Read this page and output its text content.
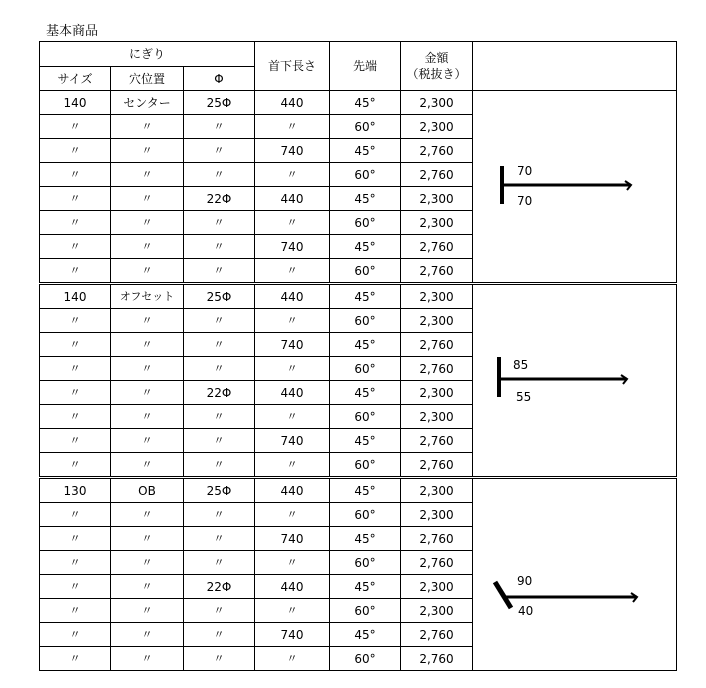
基本商品
にぎり			首下長さ	先端	金額
（税抜き）	

サイズ	穴位置	Φ				
140	センター	25Φ	440	45°	2,300	70
70

〃	〃	〃	〃	60°	2,300	
〃	〃	〃	740	45°	2,760	
〃	〃	〃	〃	60°	2,760	
〃	〃	22Φ	440	45°	2,300	
〃	〃	〃	〃	60°	2,300	
〃	〃	〃	740	45°	2,760	
〃	〃	〃	〃	60°	2,760	
140	オフセット	25Φ	440	45°	2,300	85
55

〃	〃	〃	〃	60°	2,300	
〃	〃	〃	740	45°	2,760	
〃	〃	〃	〃	60°	2,760	
〃	〃	22Φ	440	45°	2,300	
〃	〃	〃	〃	60°	2,300	
〃	〃	〃	740	45°	2,760	
〃	〃	〃	〃	60°	2,760	
130	OB	25Φ	440	45°	2,300	90
40

〃	〃	〃	〃	60°	2,300	
〃	〃	〃	740	45°	2,760	
〃	〃	〃	〃	60°	2,760	
〃	〃	22Φ	440	45°	2,300	
〃	〃	〃	〃	60°	2,300	
〃	〃	〃	740	45°	2,760	
〃	〃	〃	〃	60°	2,760	
